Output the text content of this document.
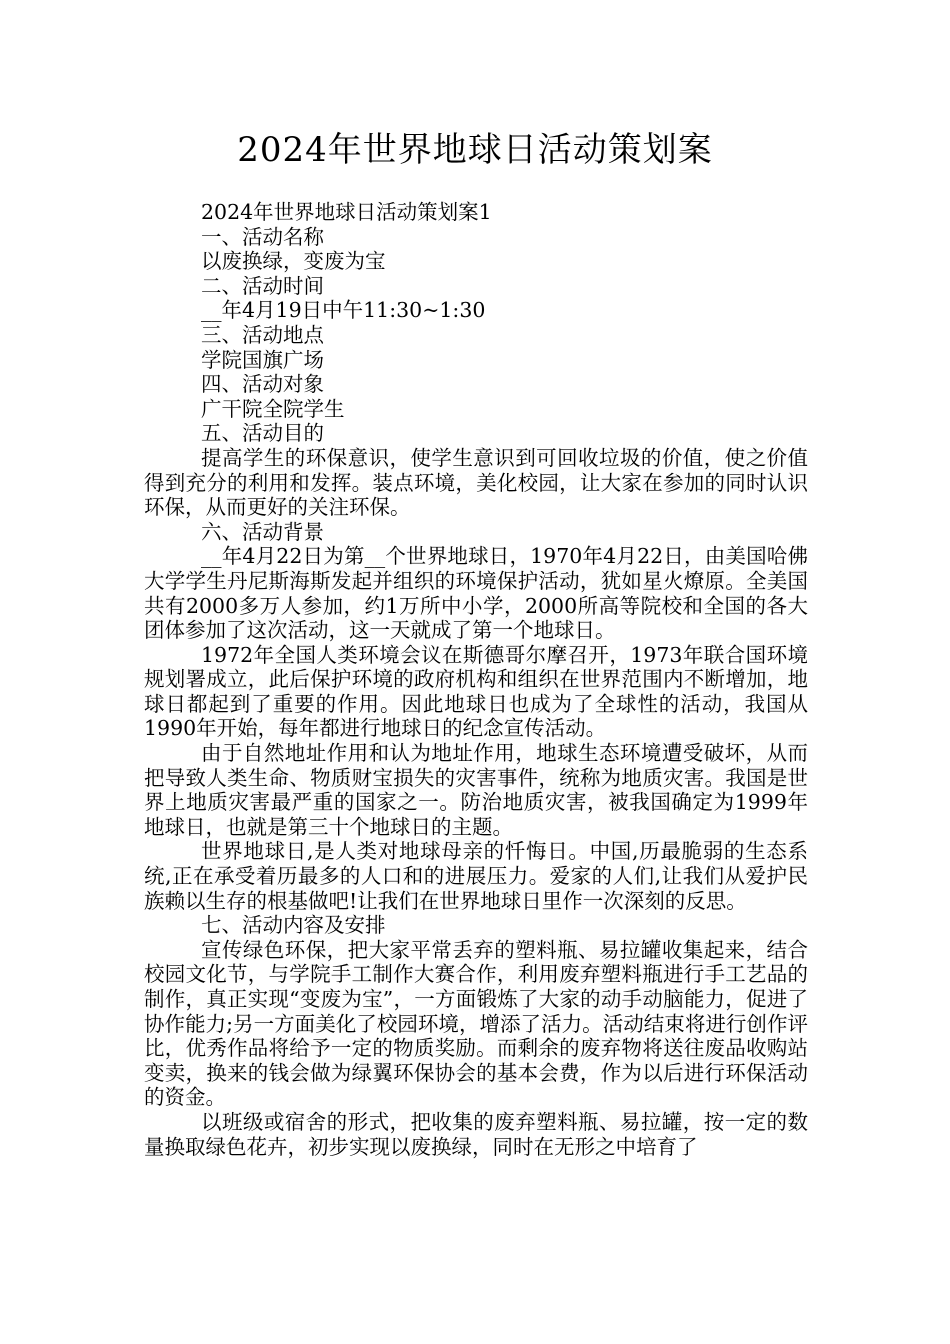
2024年世界地球日活动策划案

2024年世界地球日活动策划案1

一、活动名称

以废换绿，变废为宝

二、活动时间

__年4月19日中午11:30~1:30

三、活动地点

学院国旗广场

四、活动对象

广干院全院学生

五、活动目的

提高学生的环保意识，使学生意识到可回收垃圾的价值，使之价值得到充分的利用和发挥。装点环境，美化校园，让大家在参加的同时认识环保，从而更好的关注环保。

六、活动背景

__年4月22日为第__个世界地球日，1970年4月22日，由美国哈佛大学学生丹尼斯海斯发起并组织的环境保护活动，犹如星火燎原。全美国共有2000多万人参加，约1万所中小学，2000所高等院校和全国的各大团体参加了这次活动，这一天就成了第一个地球日。

1972年全国人类环境会议在斯德哥尔摩召开，1973年联合国环境规划署成立，此后保护环境的政府机构和组织在世界范围内不断增加，地球日都起到了重要的作用。因此地球日也成为了全球性的活动，我国从1990年开始，每年都进行地球日的纪念宣传活动。

由于自然地址作用和认为地址作用，地球生态环境遭受破坏，从而把导致人类生命、物质财宝损失的灾害事件，统称为地质灾害。我国是世界上地质灾害最严重的国家之一。防治地质灾害，被我国确定为1999年地球日，也就是第三十个地球日的主题。

世界地球日,是人类对地球母亲的忏悔日。中国,历最脆弱的生态系统,正在承受着历最多的人口和的进展压力。爱家的人们,让我们从爱护民族赖以生存的根基做吧!让我们在世界地球日里作一次深刻的反思。

七、活动内容及安排

宣传绿色环保，把大家平常丢弃的塑料瓶、易拉罐收集起来，结合校园文化节，与学院手工制作大赛合作，利用废弃塑料瓶进行手工艺品的制作，真正实现“变废为宝”，一方面锻炼了大家的动手动脑能力，促进了协作能力;另一方面美化了校园环境，增添了活力。活动结束将进行创作评比，优秀作品将给予一定的物质奖励。而剩余的废弃物将送往废品收购站变卖，换来的钱会做为绿翼环保协会的基本会费，作为以后进行环保活动的资金。

以班级或宿舍的形式，把收集的废弃塑料瓶、易拉罐，按一定的数量换取绿色花卉，初步实现以废换绿，同时在无形之中培育了
